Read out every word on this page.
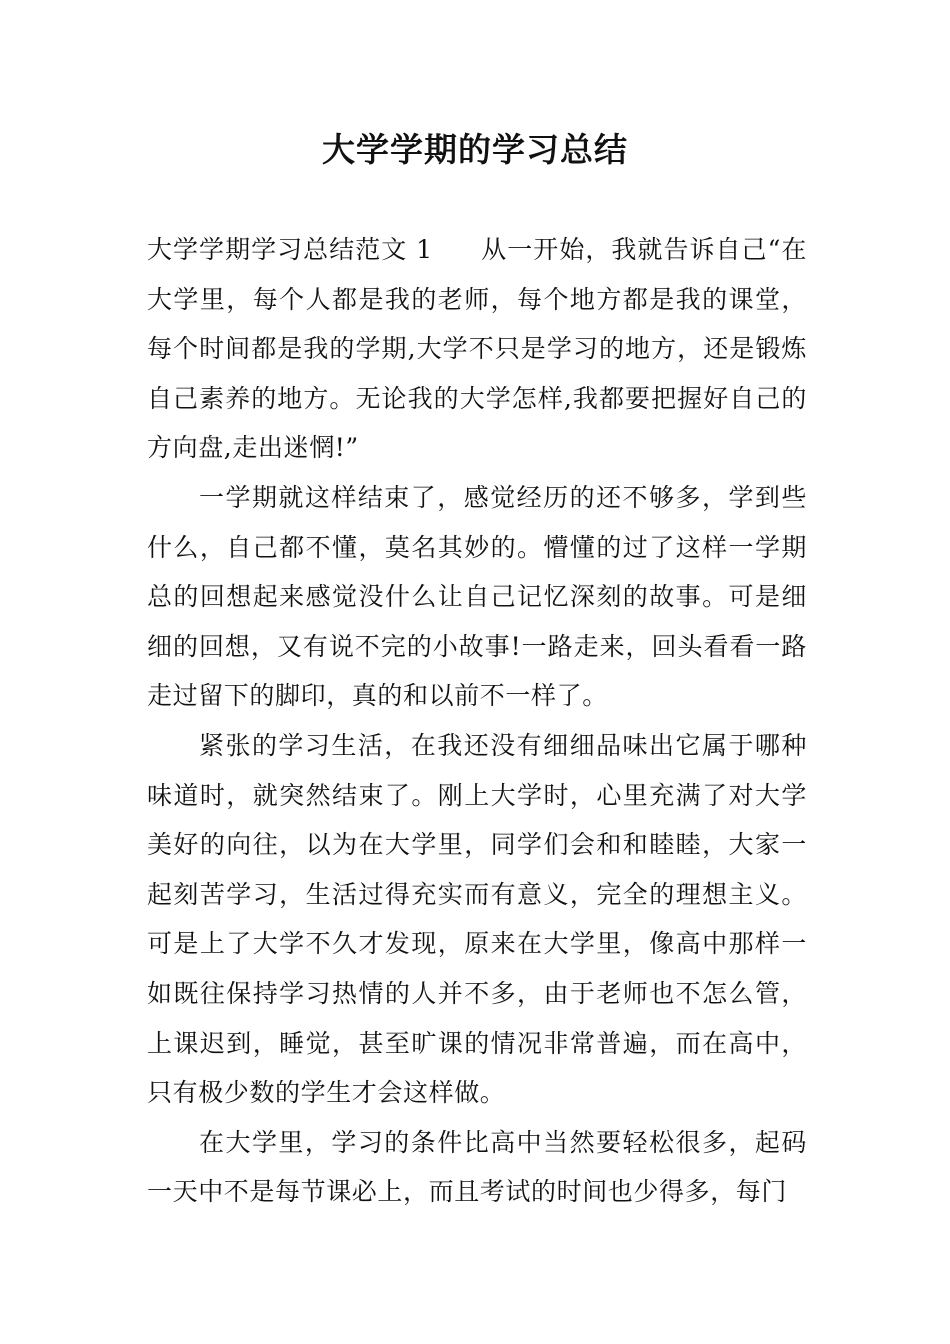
大学学期的学习总结

大学学期学习总结范文 1 从一开始，我就告诉自己“在大学里，每个人都是我的老师，每个地方都是我的课堂，每个时间都是我的学期,大学不只是学习的地方，还是锻炼自己素养的地方。无论我的大学怎样,我都要把握好自己的方向盘,走出迷惘!”

一学期就这样结束了，感觉经历的还不够多，学到些什么，自己都不懂，莫名其妙的。懵懂的过了这样一学期总的回想起来感觉没什么让自己记忆深刻的故事。可是细细的回想，又有说不完的小故事!一路走来，回头看看一路走过留下的脚印，真的和以前不一样了。

紧张的学习生活，在我还没有细细品味出它属于哪种味道时，就突然结束了。刚上大学时，心里充满了对大学美好的向往，以为在大学里，同学们会和和睦睦，大家一起刻苦学习，生活过得充实而有意义，完全的理想主义。可是上了大学不久才发现，原来在大学里，像高中那样一如既往保持学习热情的人并不多，由于老师也不怎么管，上课迟到，睡觉，甚至旷课的情况非常普遍，而在高中，只有极少数的学生才会这样做。

在大学里，学习的条件比高中当然要轻松很多，起码一天中不是每节课必上，而且考试的时间也少得多，每门
